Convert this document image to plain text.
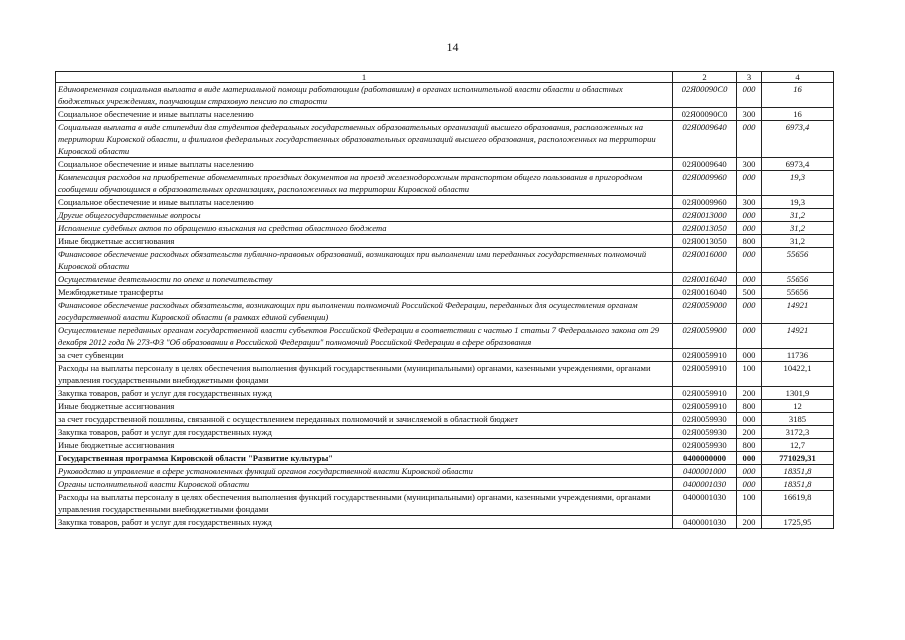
14
1	2	3	4
Единовременная социальная выплата в виде материальной помощи работающим (работавшим) в органах исполнительной власти области и областных бюджетных учреждениях, получающим страховую пенсию по старости	02Я00090С0	000	16
Социальное обеспечение и иные выплаты населению	02Я00090С0	300	16
Социальная выплата в виде стипендии для студентов федеральных государственных образовательных организаций высшего образования, расположенных на территории Кировской области, и филиалов федеральных государственных образовательных организаций высшего образования, расположенных на территории Кировской области	02Я0009640	000	6973,4
Социальное обеспечение и иные выплаты населению	02Я0009640	300	6973,4
Компенсация расходов на приобретение абонементных проездных документов на проезд железнодорожным транспортом общего пользования в пригородном сообщении обучающимся в образовательных организациях, расположенных на территории Кировской области	02Я0009960	000	19,3
Социальное обеспечение и иные выплаты населению	02Я0009960	300	19,3
Другие общегосударственные вопросы	02Я0013000	000	31,2
Исполнение судебных актов по обращению взыскания на средства областного бюджета	02Я0013050	000	31,2
Иные бюджетные ассигнования	02Я0013050	800	31,2
Финансовое обеспечение расходных обязательств публично-правовых образований, возникающих при выполнении ими переданных государственных полномочий Кировской области	02Я0016000	000	55656
Осуществление деятельности по опеке и попечительству	02Я0016040	000	55656
Межбюджетные трансферты	02Я0016040	500	55656
Финансовое обеспечение расходных обязательств, возникающих при выполнении полномочий Российской Федерации, переданных для осуществления органам государственной власти Кировской области (в рамках единой субвенции)	02Я0059000	000	14921
Осуществление переданных органам государственной власти субъектов Российской Федерации в соответствии с частью 1 статьи 7 Федерального закона от 29 декабря 2012 года № 273-ФЗ "Об образовании в Российской Федерации" полномочий Российской Федерации в сфере образования	02Я0059900	000	14921
за счет субвенции	02Я0059910	000	11736
Расходы на выплаты персоналу в целях обеспечения выполнения функций государственными (муниципальными) органами, казенными учреждениями, органами управления государственными внебюджетными фондами	02Я0059910	100	10422,1
Закупка товаров, работ и услуг для государственных нужд	02Я0059910	200	1301,9
Иные бюджетные ассигнования	02Я0059910	800	12
за счет государственной пошлины, связанной с осуществлением переданных полномочий и зачисляемой в областной бюджет	02Я0059930	000	3185
Закупка товаров, работ и услуг для государственных нужд	02Я0059930	200	3172,3
Иные бюджетные ассигнования	02Я0059930	800	12,7
Государственная программа Кировской области "Развитие культуры"	0400000000	000	771029,31
Руководство и управление в сфере установленных функций органов государственной власти Кировской области	0400001000	000	18351,8
Органы исполнительной власти Кировской области	0400001030	000	18351,8
Расходы на выплаты персоналу в целях обеспечения выполнения функций государственными (муниципальными) органами, казенными учреждениями, органами управления государственными внебюджетными фондами	0400001030	100	16619,8
Закупка товаров, работ и услуг для государственных нужд	0400001030	200	1725,95
